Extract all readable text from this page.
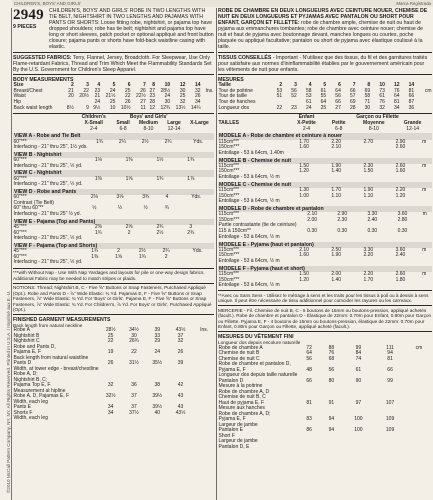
CHILDREN'S, BOYS' AND GIRLS'	Marca Registrada
©2010 McCall Pattern Company, NY, NY. All Rights Reserved. Printed in U.S.A. / Imprimé aux E.-U.
2949
9 PIECES
CHILDREN'S, BOYS' AND GIRLS' ROBE IN TWO LENGTHS WITH TIE BELT, NIGHTSHIRT IN TWO LENGTHS AND PAJAMAS WITH PANTS OR SHORTS: Loose fitting robe, nightshirt, or pajama top have dropped shoulders; robe has tie belt; nightshirt and pajama top have long or short sleeves, patch pocket or optional appliqué and front button closure; pajama pants or shorts have fold-back waistline casing with elastic.
SUGGESTED FABRICS: Terry, Flannel, Jersey, Broadcloth. For Sleepwear, Use Only Flame-retardant Fabrics, Thread and Trim Which Meet the Flammability Standards Set By the U.S. Government for Children's Sleep Apparel.
BODY MEASUREMENTS
Size	2	3	4	5	6	7	8	10	12	14	
Breast/Chest	21	22	23	24	25	26	27	28½	30	32	Ins.
Waist	20	20½	21	21½	22	22½	23	24	25	26	
Hip			24	25	26	27	28	30	32	34	
Back waist length	8½	9	9½	10	10½	11	12	12¾	13½	14¼	
	Children's	Boys' and Girls'			
	X-Small	Small	Medium	Large	X-Large
	2-4	6-8	8-10	12-14	
VIEW A - Robe and Tie Belt
60"***	1¾	2¼	2½	2¾		Yds.
Interfacing - 21" thru 25", 1½ yds.						
VIEW B - Nightshirt
60"***	1⅛	1⅜	1½	1¾		
Interfacing - 21" thru 25", ½ yd.						
VIEW C - Nightshirt
60"***	1⅜	1⅝	1¾	1⅞		
Interfacing - 21" thru 25", ½ yd.						
VIEW D - Robe and Pants
60"***	2⅛	3⅛	3¾	4		Yds.
Contrast (Tie Belt)						
60" thru 60"**	½	½	½	¾		
Interfacing - 21" thru 25" ½ yd.						
VIEW E - Pajama (Top and Pants)
45"***	2⅜	2⅝	2¾	3		
60"***	1¾	2	2½	2¾		
Interfacing - 21" thru 25", ½ yd.						
VIEW F - Pajama (Top and Shorts)
45"***	1¾	2	2½	2¾		Yds.
60"***	1⅜	1⅝	1¾	2		
Interfacing - 21" thru 25", ½ yd.						
***with Without Nap - Use With Nap Yardages and layouts for pile or one-way design fabrics. Additional Fabric may be needed to match stripes or plaids.
NOTIONS: Thread; Nightshirt B, C - Five ⅝" Buttons or Snap Fasteners, Purchased Appliqué (Opt.). Robe and Pants D - ⅞" Wide Elastic: ¾ Yd. Pajamas E, F - Five ⅝" Buttons or Snap Fasteners, ⅞" Wide Elastic: ¾ Yd. For 'Boys' or Girls'. Pajama E, F - Five ⅝" Buttons or Snap Fasteners, ⅞" Wide Elastic: ¾ Yd. For Children's, ⅞ Yd. For Boys' or Girls', Purchased Appliqué (Opt.).
FINISHED GARMENT MEASUREMENTS
Back length from natural neckline
Robe A	28½	34½	39	43½		Ins.
Nightshirt B	25	30	33	37		
Nightshirt C	22	26¾	29	32		
Robe and Pants D,						
Pajama E, F	19	22	24	26		
Back length from natural waistline						
Pants D	26	31½	35½	39		
Width, at lower edge - breast/chestline						
Robe A, D;						
Nightshirt B, C;						
Pajama Top E, F	32	36	38	42		
Measurement at hipline						
Robe A, D, Pajamas E, F	32½	37	39½	43		
Width, each leg						
Pants E	34	37	39½	43		
Shorts F	34	37½	40	43½		
Width, each leg						
ROBE DE CHAMBRE EN DEUX LONGUEURS AVEC CEINTURE NOUER, CHEMISE DE NUIT EN DEUX LONGUEURS ET PYJAMAS AVEC PANTALON OU SHORT POUR ENFANT, GARÇON ET FILLETTE: robe de chambre ample, chemise de nuit ou haut de pyjama aux emmanchures tombantes; robe de chambre avec ceinture nouer; chemise de nuit et haut de pyjama avec boutonnage devant, manches longues ou courtes, poche plaquée ou appliqué facultative; pantalon ou short de pyjama avec élastique coulissé à la taille.
TISSUS CONSEILLÉS - Important - N'utilisez que des tissus, du fil et des garnitures traités pour satisfaire aux normes d'ininflammabilité établies par le gouvernement américain pour les vêtements de nuit pour enfants.
MESURES
Taille	2	3	4	5	6	7	8	10	12	14	
Tour de poitrine	53	56	58	61	64	66	69	73	76	81	cm
Tour de taille	51	52	53	55	56	57	58	61	64	66	
Tour de hanches			61	64	66	69	71	76	81	87	
Longueur dos	22	23	24	25	27	28	30	32	34	36	
	Enfant	Garçon ou Fillette			
TAILLES	X-Petite	Petite	Moyenne	Grande	
	2-4	6-8	8-10	12-14	
MODELE A - Robe de chambre et ceinture à nouer
115cm***	1.70	2.20	2.70	2.90	m
150cm***	1.60	2.10		2.60	
Entoilage - 53 à 64cm, 1.40m					
MODELE B - Chemise de nuit
115cm***	1.50	1.90	2.30	2.60	m
150cm***	1.20	1.40	1.50	1.60	
Entoilage - 53 à 64cm, ½ m					
MODELE C - Chemise de nuit
115cm***	1.30	1.70	1.90	2.20	m
150cm***	1.00	1.10	1.10	1.20	
Entoilage - 53 à 64cm, ½ m					
MODELE D - Robe de chambre et pantalon
115cm***	2.10	2.90	3.30	3.60	m
150cm***	2.00	2.30	2.40	2.80	
Partie contrastante (tie de ceinture)					
115 à 150cm**	0.30	0.30	0.30	0.30	
Entoilage - 53 à 64cm, ½ m					
MODELE E - Pyjama (haut et pantalon)
115cm***	2.10	2.50	3.30	3.60	m
150cm***	1.60	1.90	2.20	2.40	
Entoilage - 53 à 64cm, ½ m					
MODELE F - Pyjama (haut et short)
115cm***	1.50	2.00	2.20	2.60	m
150cm***	1.20	1.40	1.70	1.80	
Entoilage - 53 à 64cm, ½ m					
**Avec ou Sans Sens - Utilisez le métrage à sens et les traits pour les tissus à poil ou à dessin à sens unique. Il peut être nécessaire de tissu additionnel pour coïncider les rayures ou les carreaux.
MERCERIE - Fil. Chemise de nuit B, C - 5 boutons de 15mm ou boutons-pression, appliqué achetés (facult.). Robe de chambre et pantalon D - Élastique de 22mm: 0.70m pour Enfant, 0.80m pour Garçon ou Fillette. Pyjama E, F - 4 boutons de 15mm ou boutons-pression, élastique de 22mm: 0.70m pour Enfant, 0.80m pour Garçon ou Fillette, appliqué acheté (facult.).
MESURES DU VÊTEMENT FINI
Longueur dos depuis encolure naturelle
Robe de chambre A	72	88	99	111	cm
Chemise de nuit B	64	76	84	94	
Chemise de nuit C	56	68	74	81	
Robe de chambre et pantalon D,					
Pyjama E, F	48	56	61	66	
Longueur dos depuis taille naturelle					
Pantalon D	66	80	90	99	
Mesure à la poitrine					
Robe de chambre A, D					
Chemise de nuit B, C					
Haut de pyjama E, F	81	91	97	107	
Mesure aux hanches					
Robe de chambre A, D;					
Pyjama E, F	83	94	100	109	
Largeur de jambe					
Pantalon E	86	94	100	109	
Short F					
Largeur de jambe					
Pantalon D, E					
